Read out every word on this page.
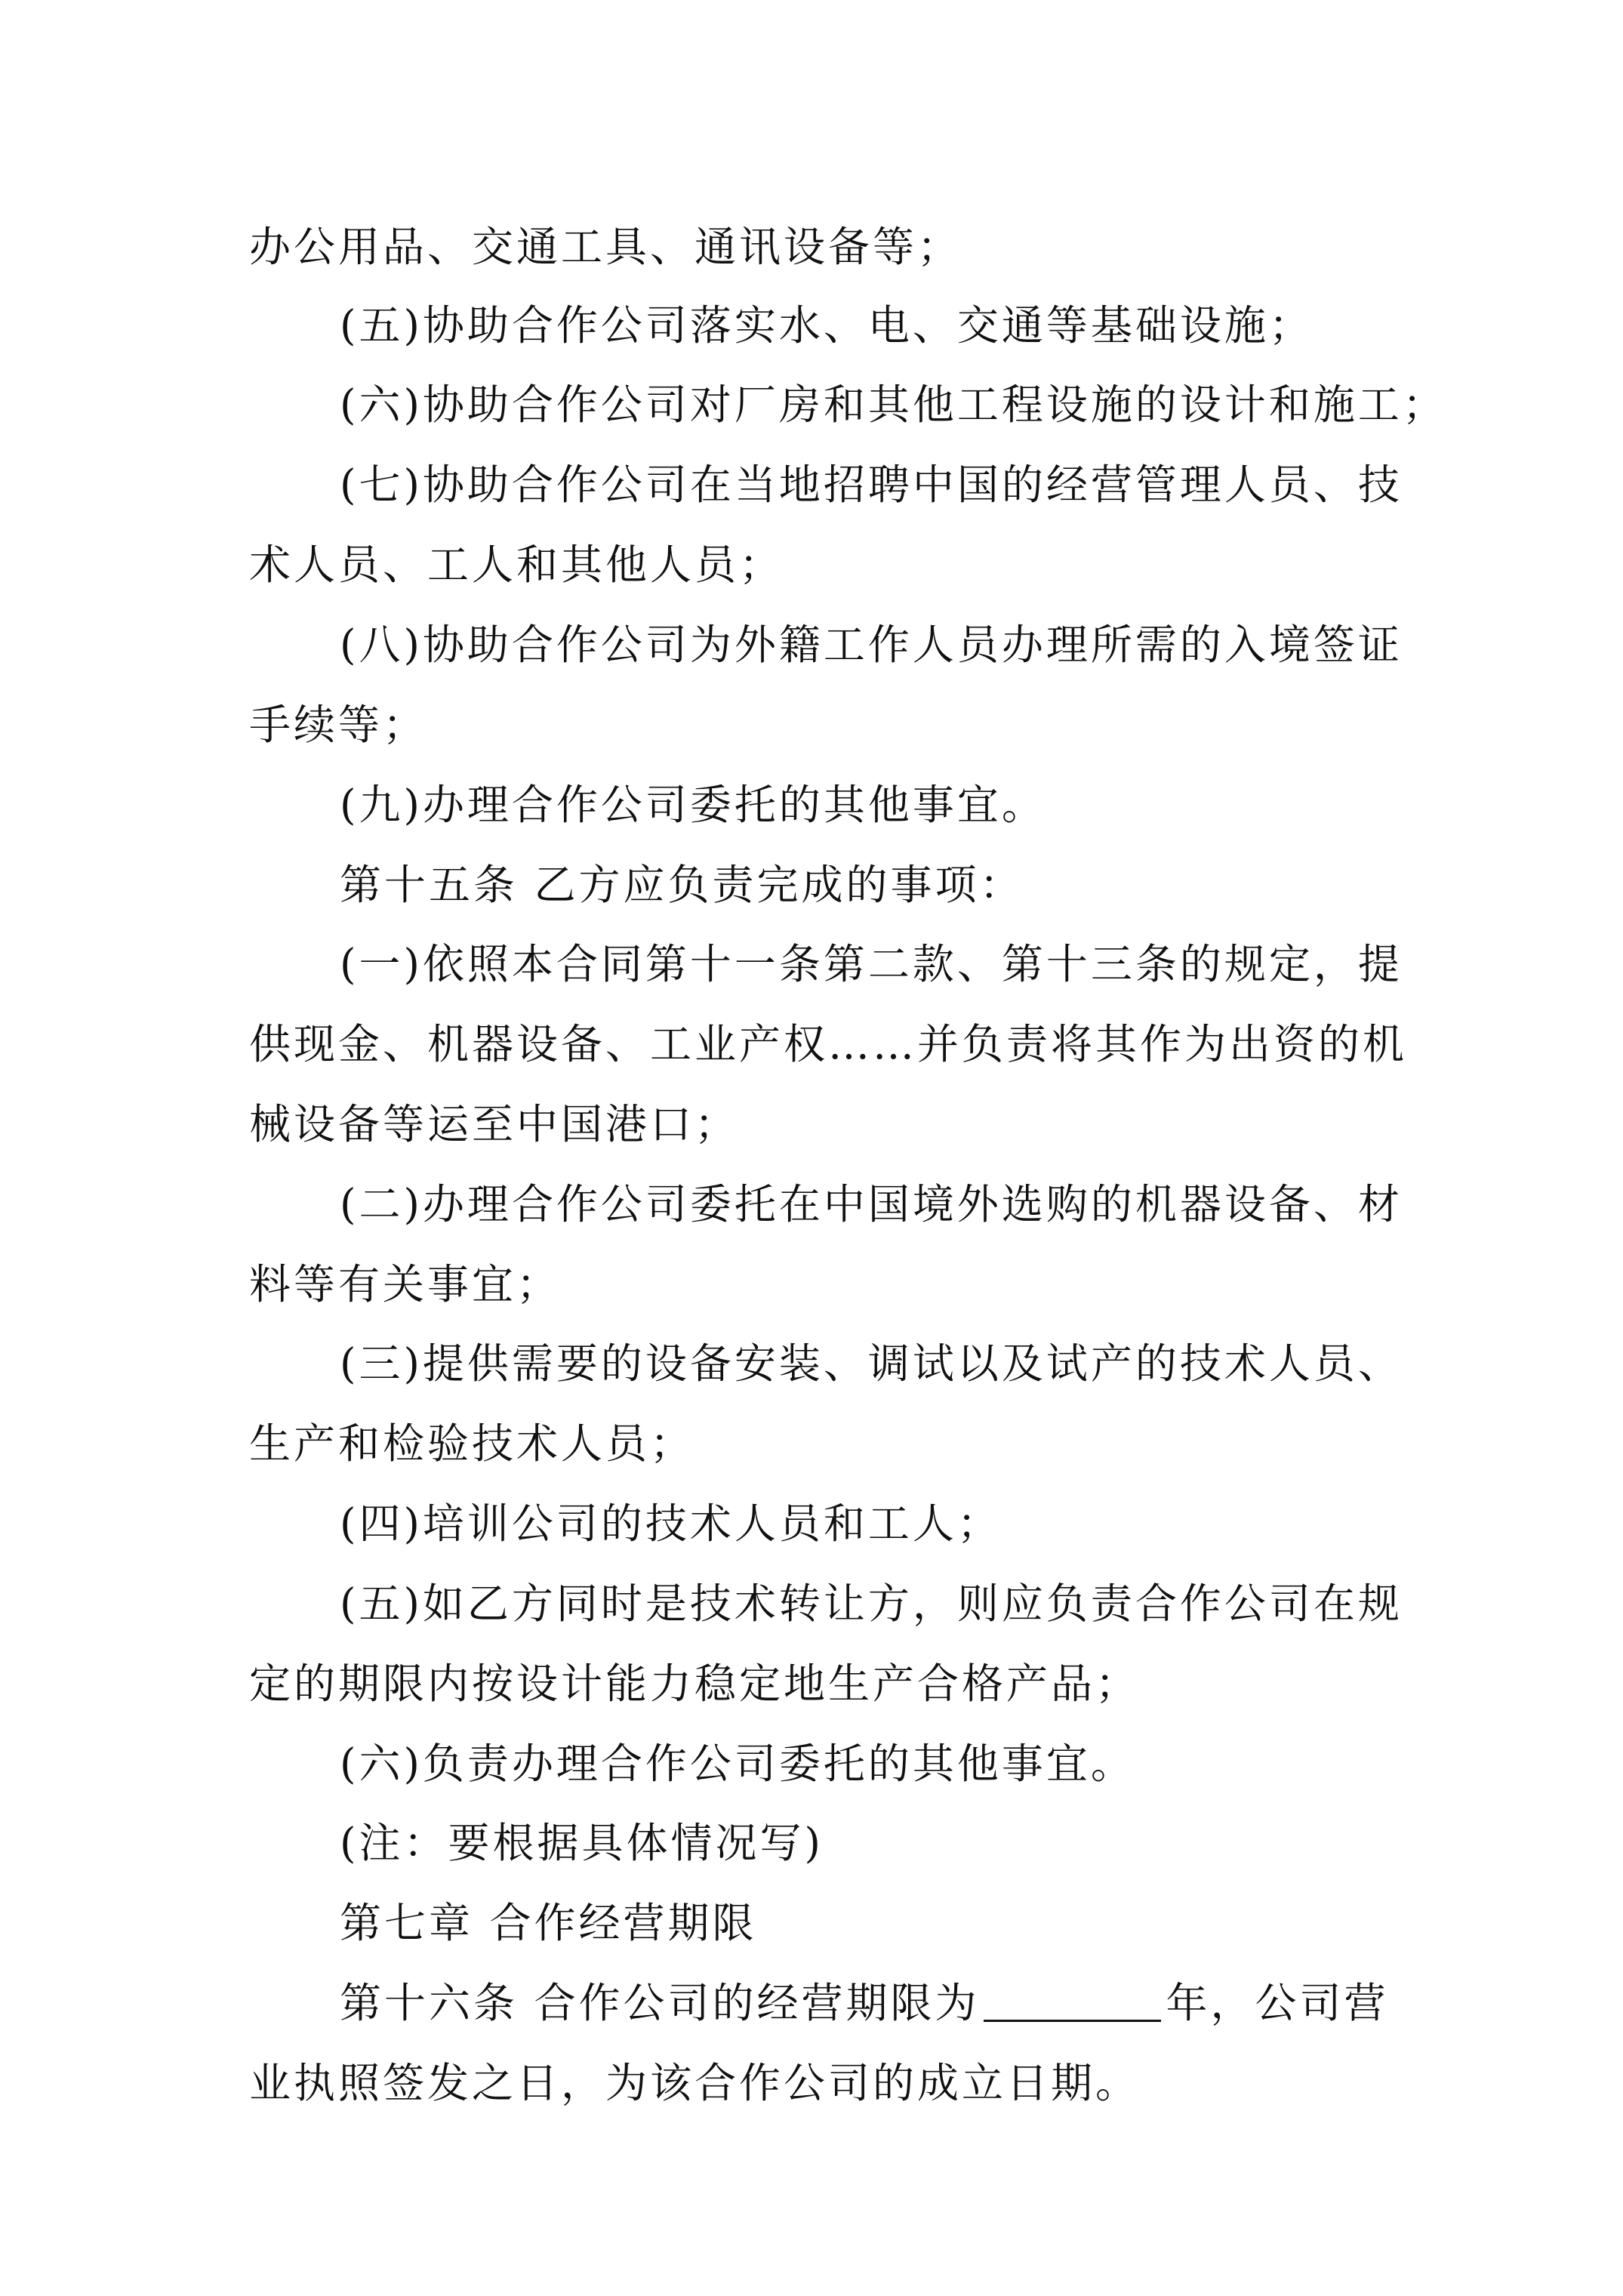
办公用品、交通工具、通讯设备等；
(五)协助合作公司落实水、电、交通等基础设施；
(六)协助合作公司对厂房和其他工程设施的设计和施工；
(七)协助合作公司在当地招聘中国的经营管理人员、技
术人员、工人和其他人员；
(八)协助合作公司为外籍工作人员办理所需的入境签证
手续等；
(九)办理合作公司委托的其他事宜。
第十五条 乙方应负责完成的事项：
(一)依照本合同第十一条第二款、第十三条的规定，提
供现金、机器设备、工业产权……并负责将其作为出资的机
械设备等运至中国港口；
(二)办理合作公司委托在中国境外选购的机器设备、材
料等有关事宜；
(三)提供需要的设备安装、调试以及试产的技术人员、
生产和检验技术人员；
(四)培训公司的技术人员和工人；
(五)如乙方同时是技术转让方，则应负责合作公司在规
定的期限内按设计能力稳定地生产合格产品；
(六)负责办理合作公司委托的其他事宜。
(注：要根据具体情况写)
第七章 合作经营期限
第十六条 合作公司的经营期限为	年，公司营
业执照签发之日，为该合作公司的成立日期。
